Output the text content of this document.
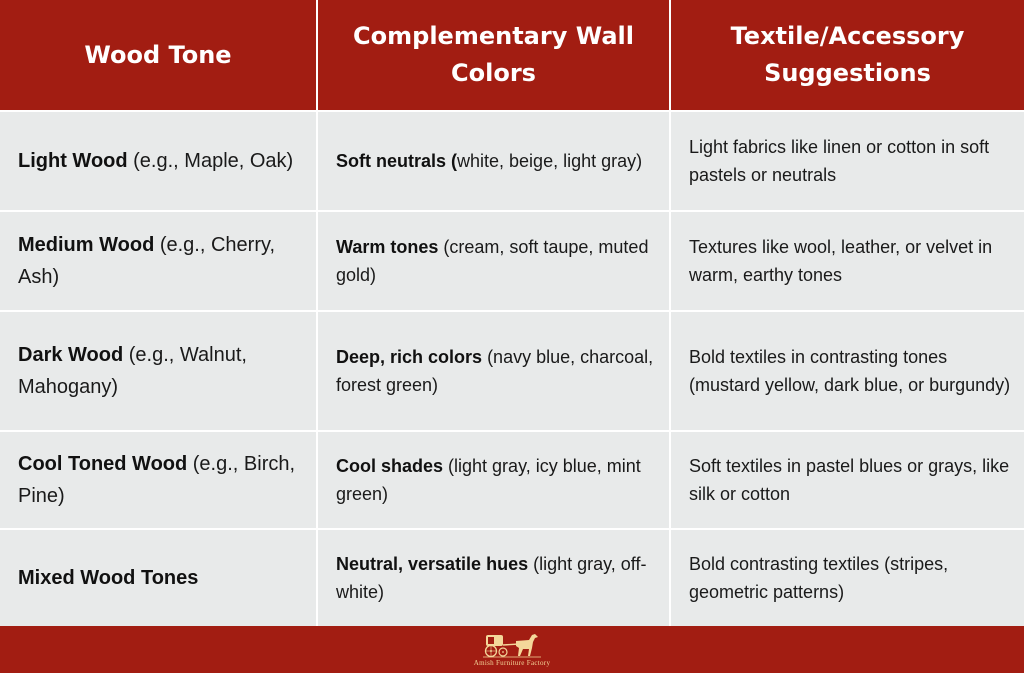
Wood Tone	Complementary Wall Colors	Textile/Accessory Suggestions
Light Wood (e.g., Maple, Oak)	Soft neutrals (white, beige, light gray)	Light fabrics like linen or cotton in soft pastels or neutrals
Medium Wood (e.g., Cherry, Ash)	Warm tones (cream, soft taupe, muted gold)	Textures like wool, leather, or velvet in warm, earthy tones
Dark Wood (e.g., Walnut, Mahogany)	Deep, rich colors (navy blue, charcoal, forest green)	Bold textiles in contrasting tones (mustard yellow, dark blue, or burgundy)
Cool Toned Wood (e.g., Birch, Pine)	Cool shades (light gray, icy blue, mint green)	Soft textiles in pastel blues or grays, like silk or cotton
Mixed Wood Tones	Neutral, versatile hues (light gray, off-white)	Bold contrasting textiles (stripes, geometric patterns)
Amish Furniture Factory
